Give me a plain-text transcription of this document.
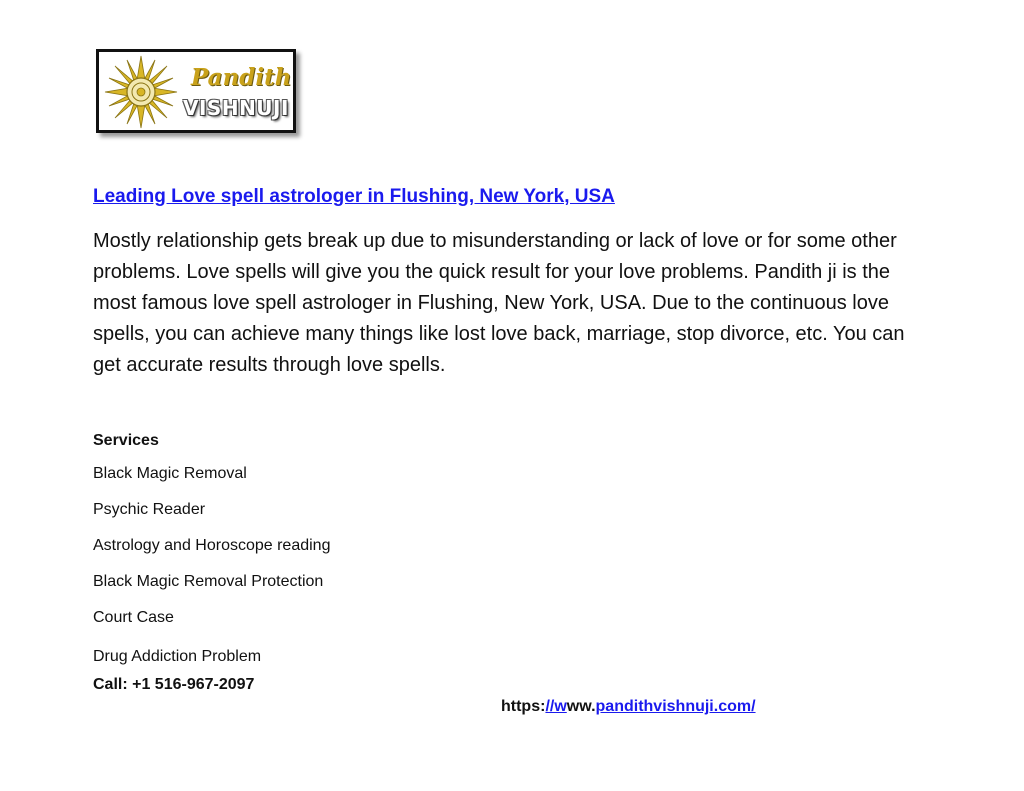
Pandith
VISHNUJI
Leading Love spell astrologer in Flushing, New York, USA

Mostly relationship gets break up due to misunderstanding or lack of love or for some other problems. Love spells will give you the quick result for your love problems. Pandith ji is the most famous love spell astrologer in Flushing, New York, USA. Due to the continuous love spells, you can achieve many things like lost love back, marriage, stop divorce, etc. You can get accurate results through love spells.

Services
Black Magic Removal
Psychic Reader
Astrology and Horoscope reading
Black Magic Removal Protection
Court Case
Drug Addiction Problem

Call: +1 516-967-2097

https://www.pandithvishnuji.com/
